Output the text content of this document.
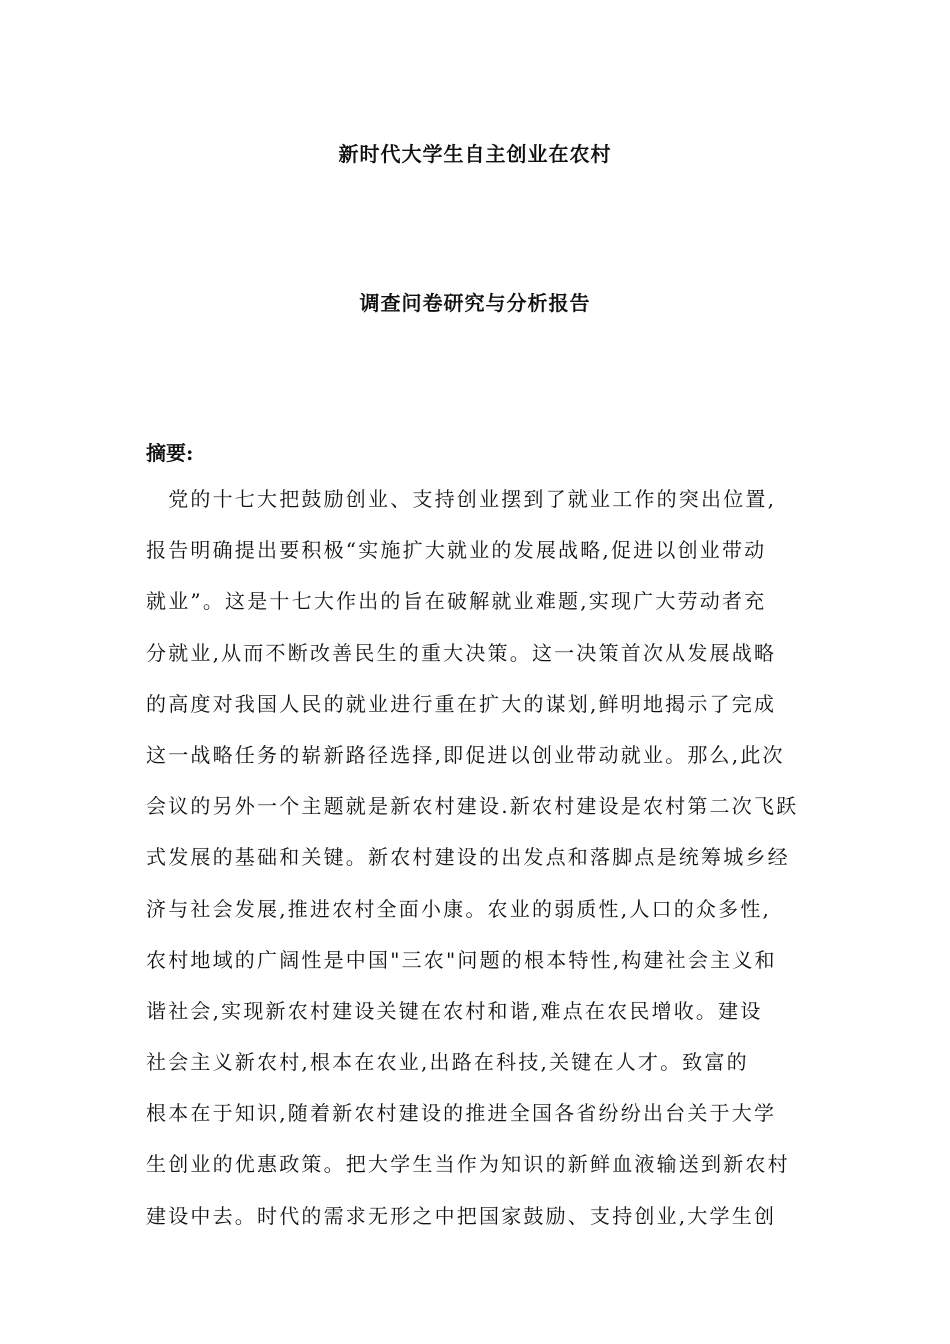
新时代大学生自主创业在农村
调查问卷研究与分析报告
摘要:
　党的十七大把鼓励创业、支持创业摆到了就业工作的突出位置,
报告明确提出要积极“实施扩大就业的发展战略,促进以创业带动
就业”。这是十七大作出的旨在破解就业难题,实现广大劳动者充
分就业,从而不断改善民生的重大决策。这一决策首次从发展战略
的高度对我国人民的就业进行重在扩大的谋划,鲜明地揭示了完成
这一战略任务的崭新路径选择,即促进以创业带动就业。那么,此次
会议的另外一个主题就是新农村建设.新农村建设是农村第二次飞跃
式发展的基础和关键。新农村建设的出发点和落脚点是统筹城乡经
济与社会发展,推进农村全面小康。农业的弱质性,人口的众多性,
农村地域的广阔性是中国"三农"问题的根本特性,构建社会主义和
谐社会,实现新农村建设关键在农村和谐,难点在农民增收。建设
社会主义新农村,根本在农业,出路在科技,关键在人才。致富的
根本在于知识,随着新农村建设的推进全国各省纷纷出台关于大学
生创业的优惠政策。把大学生当作为知识的新鲜血液输送到新农村
建设中去。时代的需求无形之中把国家鼓励、支持创业,大学生创
